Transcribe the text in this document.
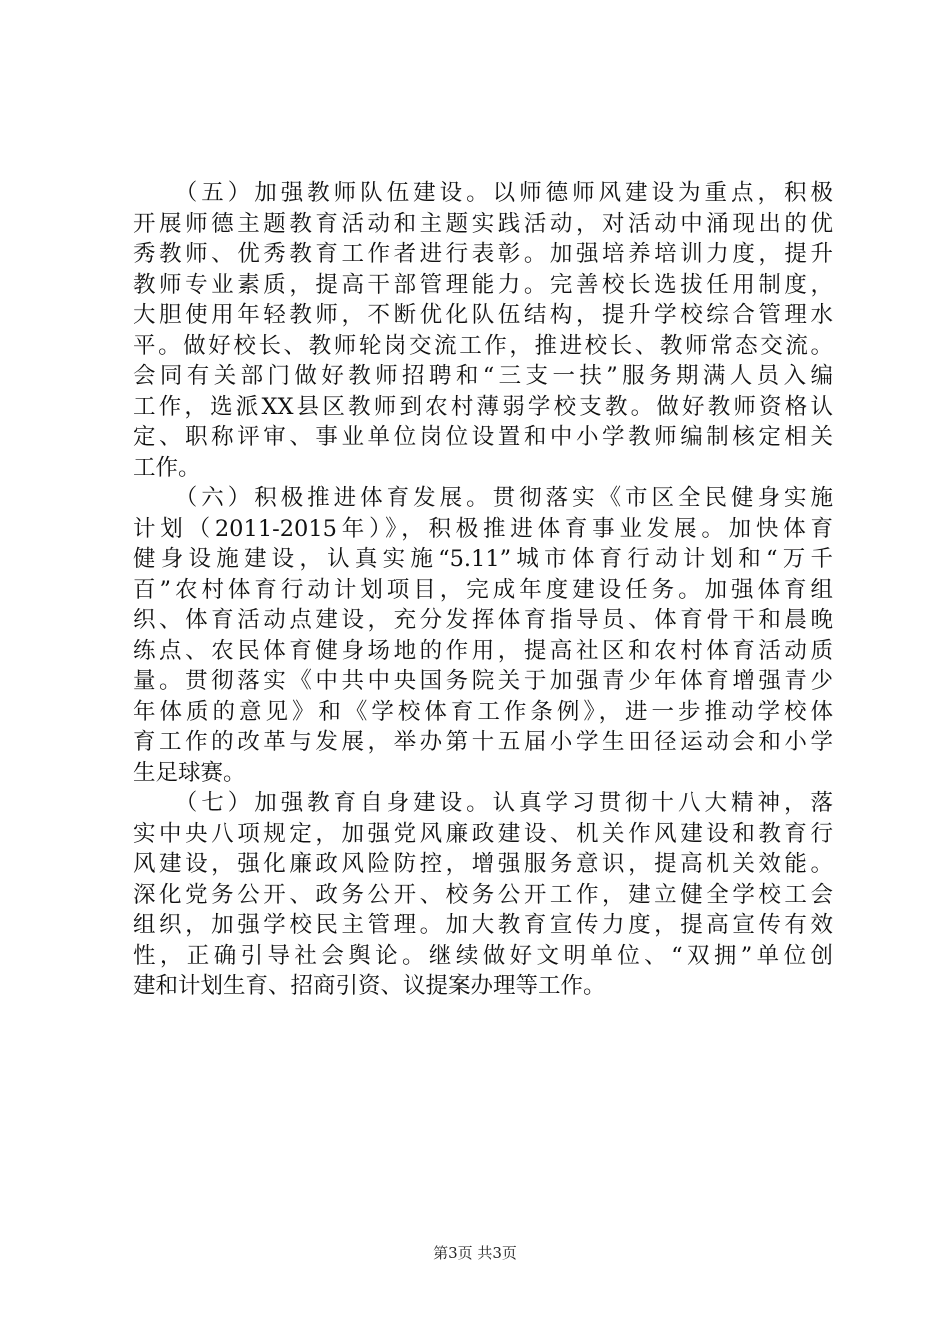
　　（五）加强教师队伍建设。以师德师风建设为重点，积极
开展师德主题教育活动和主题实践活动，对活动中涌现出的优
秀教师、优秀教育工作者进行表彰。加强培养培训力度，提升
教师专业素质，提高干部管理能力。完善校长选拔任用制度，
大胆使用年轻教师，不断优化队伍结构，提升学校综合管理水
平。做好校长、教师轮岗交流工作，推进校长、教师常态交流。
会同有关部门做好教师招聘和“三支一扶”服务期满人员入编
工作，选派XX县区教师到农村薄弱学校支教。做好教师资格认
定、职称评审、事业单位岗位设置和中小学教师编制核定相关
工作。
　　（六）积极推进体育发展。贯彻落实《市区全民健身实施
计划（2011-2015年）》，积极推进体育事业发展。加快体育
健身设施建设，认真实施“5.11”城市体育行动计划和“万千
百”农村体育行动计划项目，完成年度建设任务。加强体育组
织、体育活动点建设，充分发挥体育指导员、体育骨干和晨晚
练点、农民体育健身场地的作用，提高社区和农村体育活动质
量。贯彻落实《中共中央国务院关于加强青少年体育增强青少
年体质的意见》和《学校体育工作条例》，进一步推动学校体
育工作的改革与发展，举办第十五届小学生田径运动会和小学
生足球赛。
　　（七）加强教育自身建设。认真学习贯彻十八大精神，落
实中央八项规定，加强党风廉政建设、机关作风建设和教育行
风建设，强化廉政风险防控，增强服务意识，提高机关效能。
深化党务公开、政务公开、校务公开工作，建立健全学校工会
组织，加强学校民主管理。加大教育宣传力度，提高宣传有效
性，正确引导社会舆论。继续做好文明单位、“双拥”单位创
建和计划生育、招商引资、议提案办理等工作。
第3页 共3页
